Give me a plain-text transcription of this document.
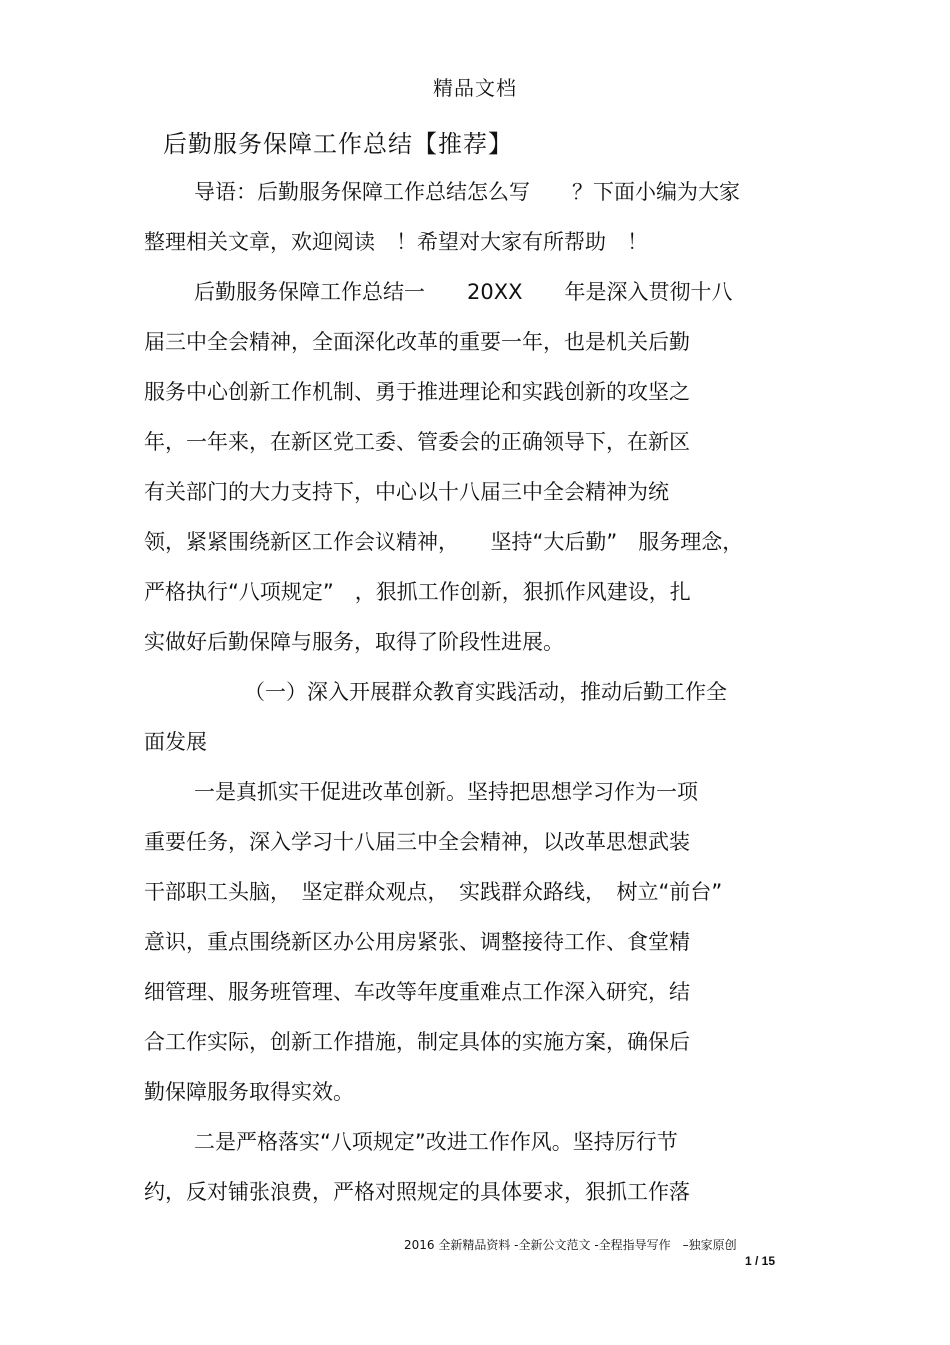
精品文档
后勤服务保障工作总结【推荐】
导语：后勤服务保障工作总结怎么写　　？下面小编为大家
整理相关文章，欢迎阅读　！希望对大家有所帮助　！
后勤服务保障工作总结一　　20XX　　年是深入贯彻十八
届三中全会精神，全面深化改革的重要一年，也是机关后勤
服务中心创新工作机制、勇于推进理论和实践创新的攻坚之
年，一年来，在新区党工委、管委会的正确领导下，在新区
有关部门的大力支持下，中心以十八届三中全会精神为统
领，紧紧围绕新区工作会议精神，　　坚持“大后勤”　服务理念，
严格执行“八项规定”　，狠抓工作创新，狠抓作风建设，扎
实做好后勤保障与服务，取得了阶段性进展。
（一）深入开展群众教育实践活动，推动后勤工作全
面发展
一是真抓实干促进改革创新。坚持把思想学习作为一项
重要任务，深入学习十八届三中全会精神，以改革思想武装
干部职工头脑，　坚定群众观点，　实践群众路线，　树立“前台”
意识，重点围绕新区办公用房紧张、调整接待工作、食堂精
细管理、服务班管理、车改等年度重难点工作深入研究，结
合工作实际，创新工作措施，制定具体的实施方案，确保后
勤保障服务取得实效。
二是严格落实“八项规定”改进工作作风。坚持厉行节
约，反对铺张浪费，严格对照规定的具体要求，狠抓工作落
2016 全新精品资料 -全新公文范文 -全程指导写作　–独家原创
1 / 15
